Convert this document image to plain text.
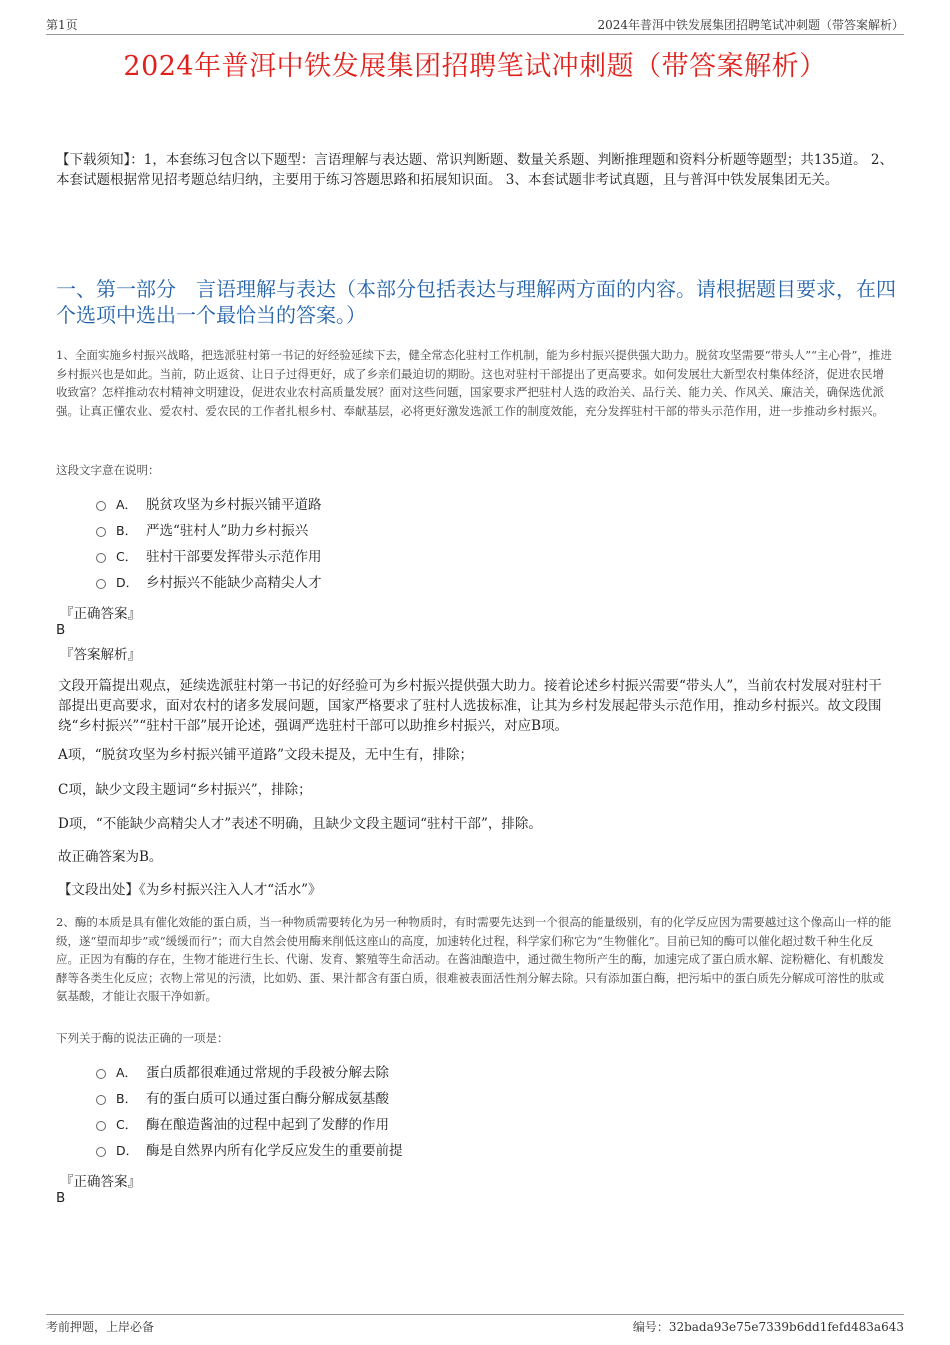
第1页	2024年普洱中铁发展集团招聘笔试冲刺题（带答案解析）
2024年普洱中铁发展集团招聘笔试冲刺题（带答案解析）
【下载须知】：1，本套练习包含以下题型：言语理解与表达题、常识判断题、数量关系题、判断推理题和资料分析题等题型；共135道。 2、本套试题根据常见招考题总结归纳，主要用于练习答题思路和拓展知识面。 3、本套试题非考试真题，且与普洱中铁发展集团无关。
一、第一部分　言语理解与表达（本部分包括表达与理解两方面的内容。请根据题目要求，在四个选项中选出一个最恰当的答案。）
1、全面实施乡村振兴战略，把选派驻村第一书记的好经验延续下去，健全常态化驻村工作机制，能为乡村振兴提供强大助力。脱贫攻坚需要“带头人”“主心骨”，推进乡村振兴也是如此。当前，防止返贫、让日子过得更好，成了乡亲们最迫切的期盼。这也对驻村干部提出了更高要求。如何发展壮大新型农村集体经济，促进农民增收致富？怎样推动农村精神文明建设，促进农业农村高质量发展？面对这些问题，国家要求严把驻村人选的政治关、品行关、能力关、作风关、廉洁关，确保选优派强。让真正懂农业、爱农村、爱农民的工作者扎根乡村、奉献基层，必将更好激发选派工作的制度效能，充分发挥驻村干部的带头示范作用，进一步推动乡村振兴。
这段文字意在说明：
A． 脱贫攻坚为乡村振兴铺平道路
B． 严选“驻村人”助力乡村振兴
C． 驻村干部要发挥带头示范作用
D． 乡村振兴不能缺少高精尖人才
『正确答案』
B
『答案解析』
文段开篇提出观点，延续选派驻村第一书记的好经验可为乡村振兴提供强大助力。接着论述乡村振兴需要“带头人”，当前农村发展对驻村干部提出更高要求，面对农村的诸多发展问题，国家严格要求了驻村人选拔标准，让其为乡村发展起带头示范作用，推动乡村振兴。故文段围绕“乡村振兴”“驻村干部”展开论述，强调严选驻村干部可以助推乡村振兴，对应B项。
A项，“脱贫攻坚为乡村振兴铺平道路”文段未提及，无中生有，排除；
C项，缺少文段主题词“乡村振兴”，排除；
D项，“不能缺少高精尖人才”表述不明确，且缺少文段主题词“驻村干部”，排除。
故正确答案为B。
【文段出处】《为乡村振兴注入人才“活水”》
2、酶的本质是具有催化效能的蛋白质，当一种物质需要转化为另一种物质时，有时需要先达到一个很高的能量级别，有的化学反应因为需要越过这个像高山一样的能级，遂“望而却步”或“缓缓而行”；而大自然会使用酶来削低这座山的高度，加速转化过程，科学家们称它为“生物催化”。目前已知的酶可以催化超过数千种生化反应。正因为有酶的存在，生物才能进行生长、代谢、发育、繁殖等生命活动。在酱油酿造中，通过微生物所产生的酶，加速完成了蛋白质水解、淀粉糖化、有机酸发酵等各类生化反应；衣物上常见的污渍，比如奶、蛋、果汁都含有蛋白质，很难被表面活性剂分解去除。只有添加蛋白酶，把污垢中的蛋白质先分解成可溶性的肽或氨基酸，才能让衣服干净如新。
下列关于酶的说法正确的一项是：
A． 蛋白质都很难通过常规的手段被分解去除
B． 有的蛋白质可以通过蛋白酶分解成氨基酸
C． 酶在酿造酱油的过程中起到了发酵的作用
D． 酶是自然界内所有化学反应发生的重要前提
『正确答案』
B
考前押题，上岸必备	编号：32bada93e75e7339b6dd1fefd483a643
